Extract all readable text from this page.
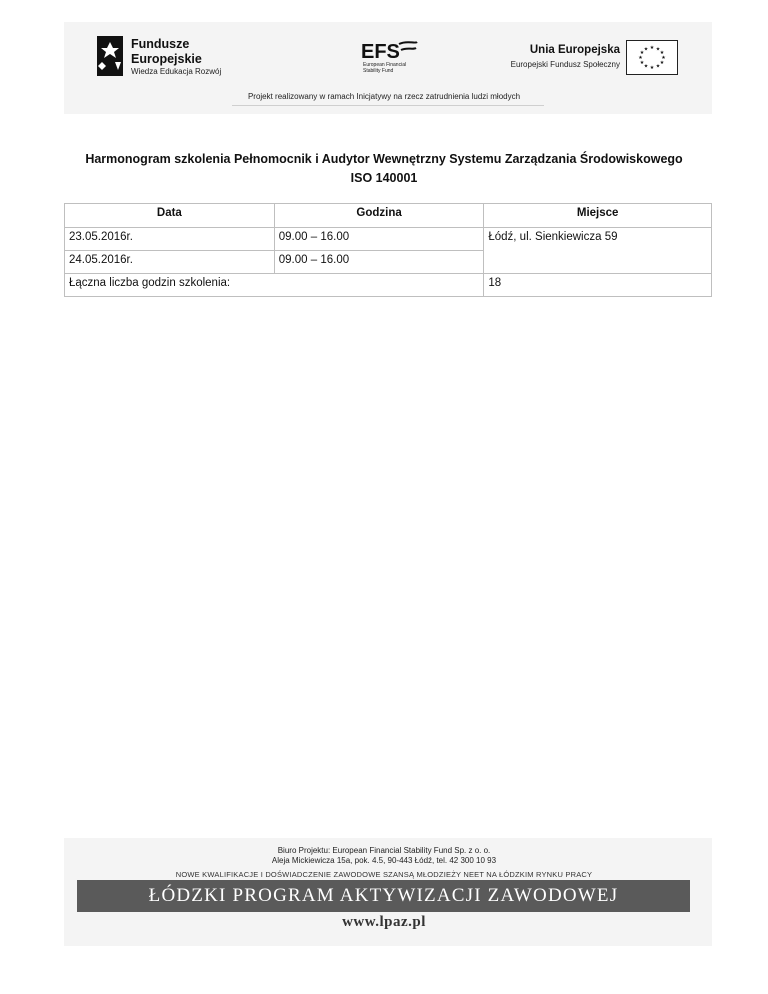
Fundusze
Europejskie
Wiedza Edukacja Rozwój
EFS
European Financial
Stability Fund
Unia Europejska
Europejski Fundusz Społeczny
★ ★
★
★
★
★
★
★
★
★
★
★
Projekt realizowany w ramach Inicjatywy na rzecz zatrudnienia ludzi młodych
Harmonogram szkolenia Pełnomocnik i Audytor Wewnętrzny Systemu Zarządzania Środowiskowego
ISO 140001
Data	Godzina	Miejsce
23.05.2016r.	09.00 – 16.00	Łódź, ul. Sienkiewicza 59
24.05.2016r.	09.00 – 16.00	
Łączna liczba godzin szkolenia:		18
Biuro Projektu: European Financial Stability Fund Sp. z o. o.
Aleja Mickiewicza 15a, pok. 4.5, 90-443 Łódź, tel. 42 300 10 93
NOWE KWALIFIKACJE I DOŚWIADCZENIE ZAWODOWE SZANSĄ MŁODZIEŻY NEET NA ŁÓDZKIM RYNKU PRACY
ŁÓDZKI PROGRAM AKTYWIZACJI ZAWODOWEJ
www.lpaz.pl
